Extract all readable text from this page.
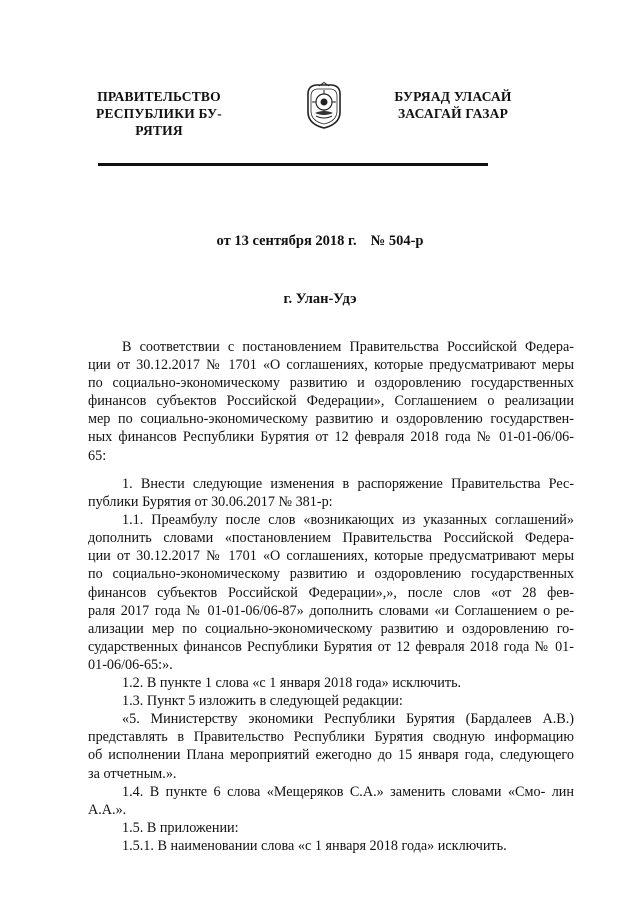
ПРАВИТЕЛЬСТВО
РЕСПУБЛИКИ БУ-
РЯТИЯ
БУРЯАД УЛАСАЙ
ЗАСАГАЙ ГАЗАР
от 13 сентября 2018 г. № 504-р
г. Улан-Удэ
В соответствии с постановлением Правительства Российской Федера-
ции от 30.12.2017 № 1701 «О соглашениях, которые предусматривают меры
по социально-экономическому развитию и оздоровлению государственных
финансов субъектов Российской Федерации», Соглашением о реализации
мер по социально-экономическому развитию и оздоровлению государствен-
ных финансов Республики Бурятия от 12 февраля 2018 года № 01-01-06/06-
65:
1. Внести следующие изменения в распоряжение Правительства Рес-
публики Бурятия от 30.06.2017 № 381-р:
1.1. Преамбулу после слов «возникающих из указанных соглашений»
дополнить словами «постановлением Правительства Российской Федера-
ции от 30.12.2017 № 1701 «О соглашениях, которые предусматривают меры
по социально-экономическому развитию и оздоровлению государственных
финансов субъектов Российской Федерации»,», после слов «от 28 фев-
раля 2017 года № 01-01-06/06-87» дополнить словами «и Соглашением о ре-
ализации мер по социально-экономическому развитию и оздоровлению го-
сударственных финансов Республики Бурятия от 12 февраля 2018 года № 01-
01-06/06-65:».
1.2. В пункте 1 слова «с 1 января 2018 года» исключить.
1.3. Пункт 5 изложить в следующей редакции:
«5. Министерству экономики Республики Бурятия (Бардалеев А.В.)
представлять в Правительство Республики Бурятия сводную информацию
об исполнении Плана мероприятий ежегодно до 15 января года, следующего
за отчетным.».
1.4. В пункте 6 слова «Мещеряков С.А.» заменить словами «Смо- лин
А.А.».
1.5. В приложении:
1.5.1. В наименовании слова «с 1 января 2018 года» исключить.
